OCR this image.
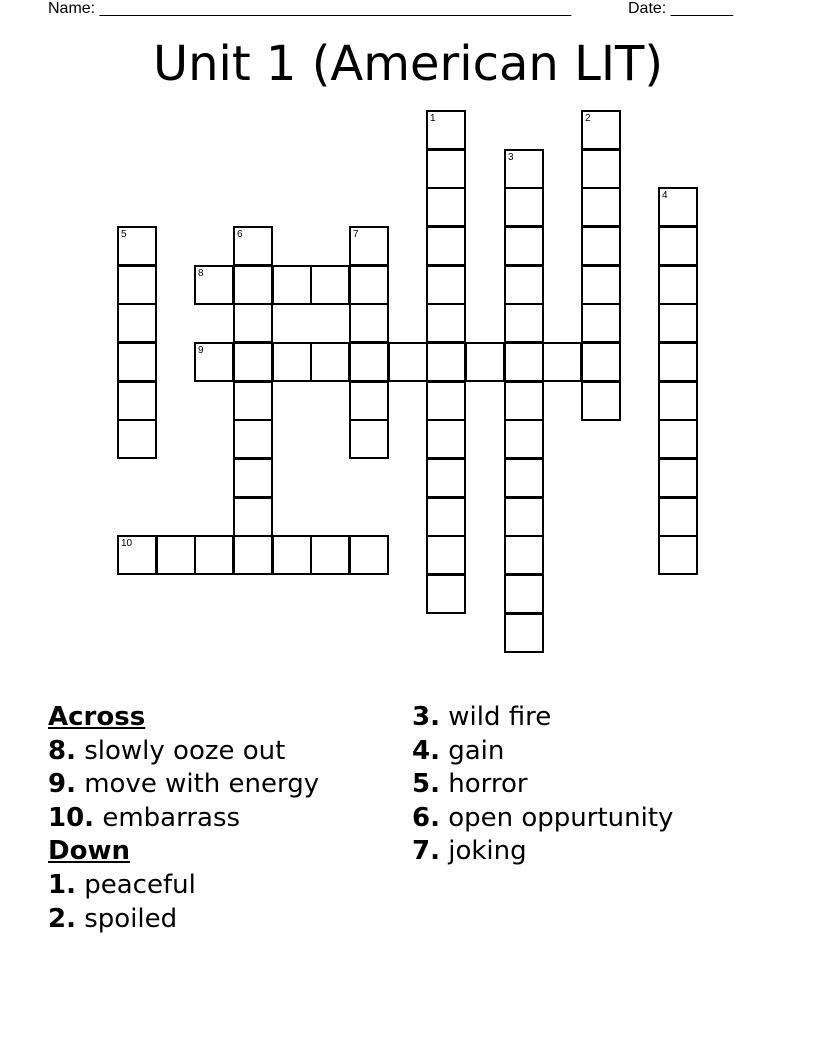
Name: _____________________________________________________	Date: _______
Unit 1 (American LIT)
1	2
3
4
5	6	7
8
9
10
Across
8. slowly ooze out
9. move with energy
10. embarrass
Down
1. peaceful
2. spoiled
3. wild fire
4. gain
5. horror
6. open oppurtunity
7. joking
